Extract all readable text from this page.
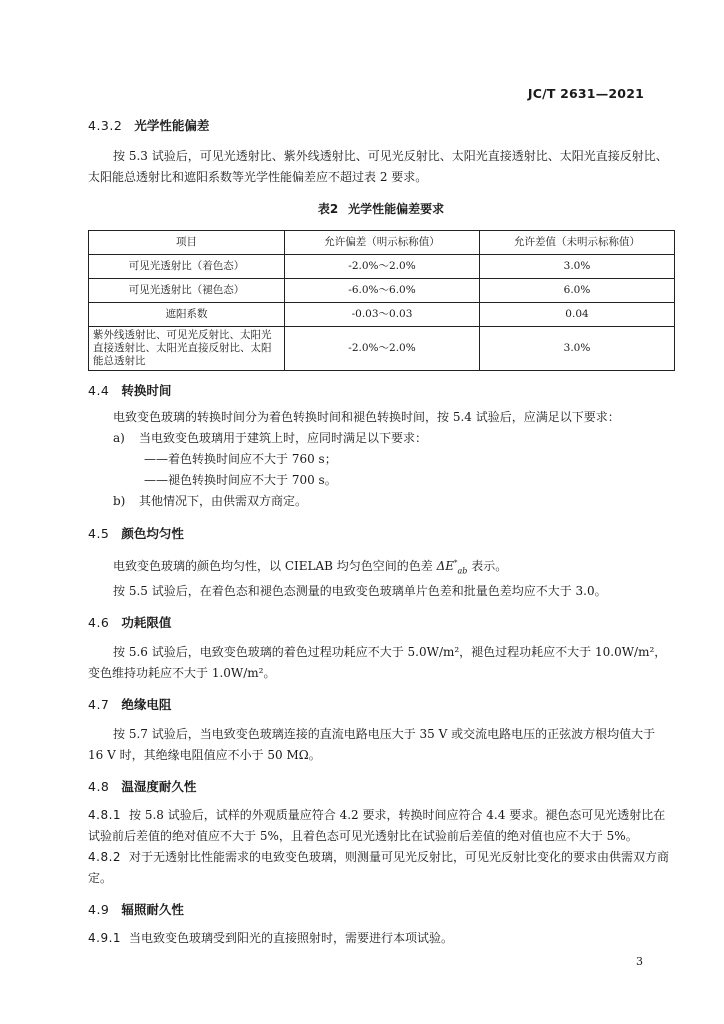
JC/T 2631—2021

4.3.2 光学性能偏差

按 5.3 试验后，可见光透射比、紫外线透射比、可见光反射比、太阳光直接透射比、太阳光直接反射比、太阳能总透射比和遮阳系数等光学性能偏差应不超过表 2 要求。

表2 光学性能偏差要求

项目	允许偏差（明示标称值）	允许差值（未明示标称值）
可见光透射比（着色态）	-2.0%～2.0%	3.0%
可见光透射比（褪色态）	-6.0%～6.0%	6.0%
遮阳系数	-0.03～0.03	0.04
紫外线透射比、可见光反射比、太阳光直接透射比、太阳光直接反射比、太阳能总透射比	-2.0%～2.0%	3.0%

4.4 转换时间

电致变色玻璃的转换时间分为着色转换时间和褪色转换时间，按 5.4 试验后，应满足以下要求：

a) 当电致变色玻璃用于建筑上时，应同时满足以下要求：

——着色转换时间应不大于 760 s；

——褪色转换时间应不大于 700 s。

b) 其他情况下，由供需双方商定。

4.5 颜色均匀性

电致变色玻璃的颜色均匀性，以 CIELAB 均匀色空间的色差 $\Delta E^*_{ab}$ 表示。

按 5.5 试验后，在着色态和褪色态测量的电致变色玻璃单片色差和批量色差均应不大于 3.0。

4.6 功耗限值

按 5.6 试验后，电致变色玻璃的着色过程功耗应不大于 5.0W/m²，褪色过程功耗应不大于 10.0W/m²，变色维持功耗应不大于 1.0W/m²。

4.7 绝缘电阻

按 5.7 试验后，当电致变色玻璃连接的直流电路电压大于 35 V 或交流电路电压的正弦波方根均值大于 16 V 时，其绝缘电阻值应不小于 50 MΩ。

4.8 温湿度耐久性

4.8.1 按 5.8 试验后，试样的外观质量应符合 4.2 要求，转换时间应符合 4.4 要求。褪色态可见光透射比在试验前后差值的绝对值应不大于 5%，且着色态可见光透射比在试验前后差值的绝对值也应不大于 5%。

4.8.2 对于无透射比性能需求的电致变色玻璃，则测量可见光反射比，可见光反射比变化的要求由供需双方商定。

4.9 辐照耐久性

4.9.1 当电致变色玻璃受到阳光的直接照射时，需要进行本项试验。

3
